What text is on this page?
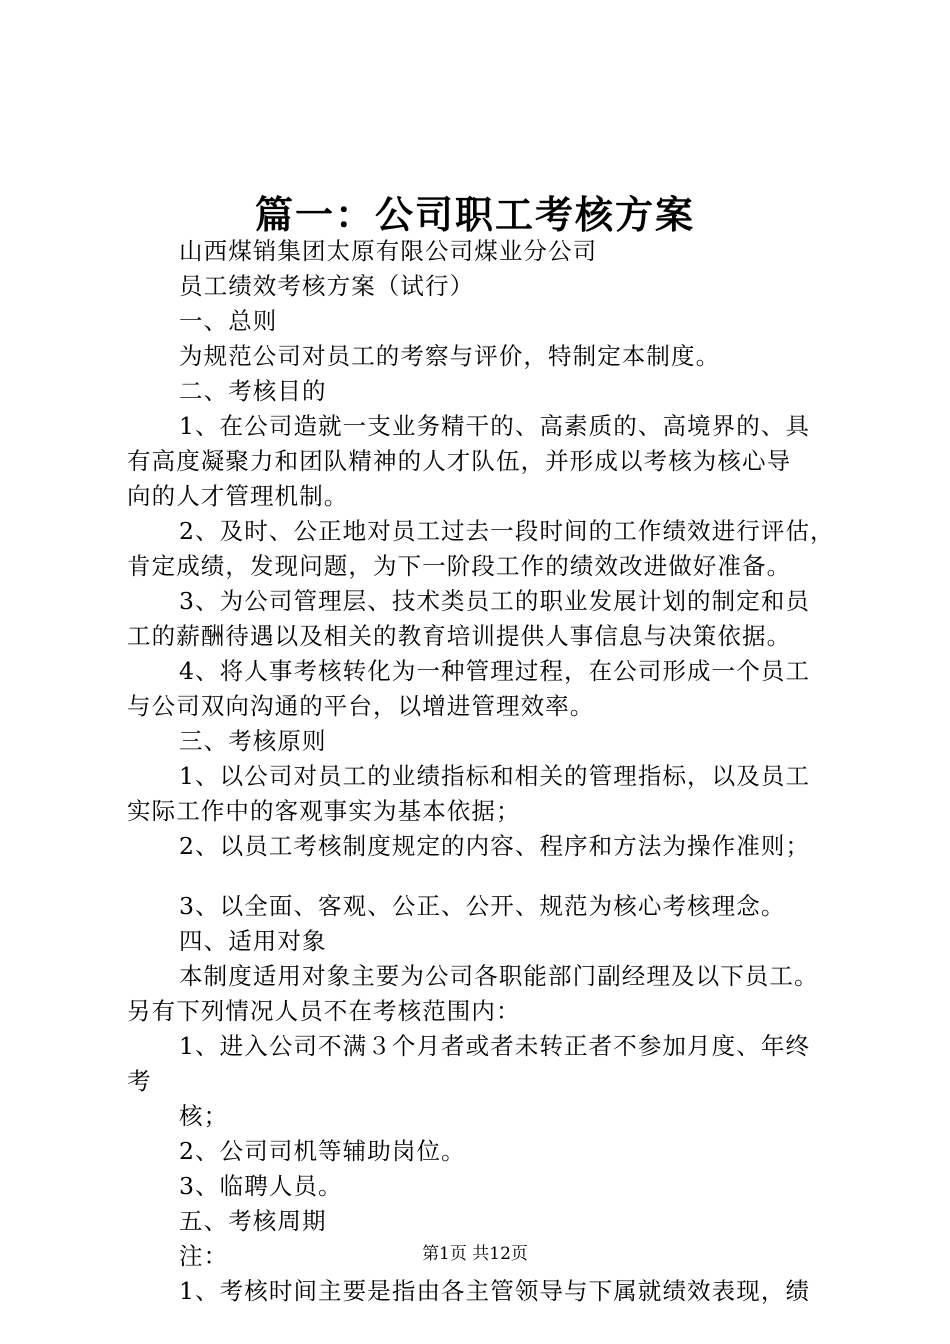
篇一：公司职工考核方案
山西煤销集团太原有限公司煤业分公司
员工绩效考核方案（试行）
一、总则
为规范公司对员工的考察与评价，特制定本制度。
二、考核目的
1、在公司造就一支业务精干的、高素质的、高境界的、具
有高度凝聚力和团队精神的人才队伍，并形成以考核为核心导
向的人才管理机制。
2、及时、公正地对员工过去一段时间的工作绩效进行评估，
肯定成绩，发现问题，为下一阶段工作的绩效改进做好准备。
3、为公司管理层、技术类员工的职业发展计划的制定和员
工的薪酬待遇以及相关的教育培训提供人事信息与决策依据。
4、将人事考核转化为一种管理过程，在公司形成一个员工
与公司双向沟通的平台，以增进管理效率。
三、考核原则
1、以公司对员工的业绩指标和相关的管理指标，以及员工
实际工作中的客观事实为基本依据；
2、以员工考核制度规定的内容、程序和方法为操作准则；
3、以全面、客观、公正、公开、规范为核心考核理念。
四、适用对象
本制度适用对象主要为公司各职能部门副经理及以下员工。
另有下列情况人员不在考核范围内：
1、进入公司不满３个月者或者未转正者不参加月度、年终
考
核；
2、公司司机等辅助岗位。
3、临聘人员。
五、考核周期
注：
1、考核时间主要是指由各主管领导与下属就绩效表现，绩
第1页 共12页
